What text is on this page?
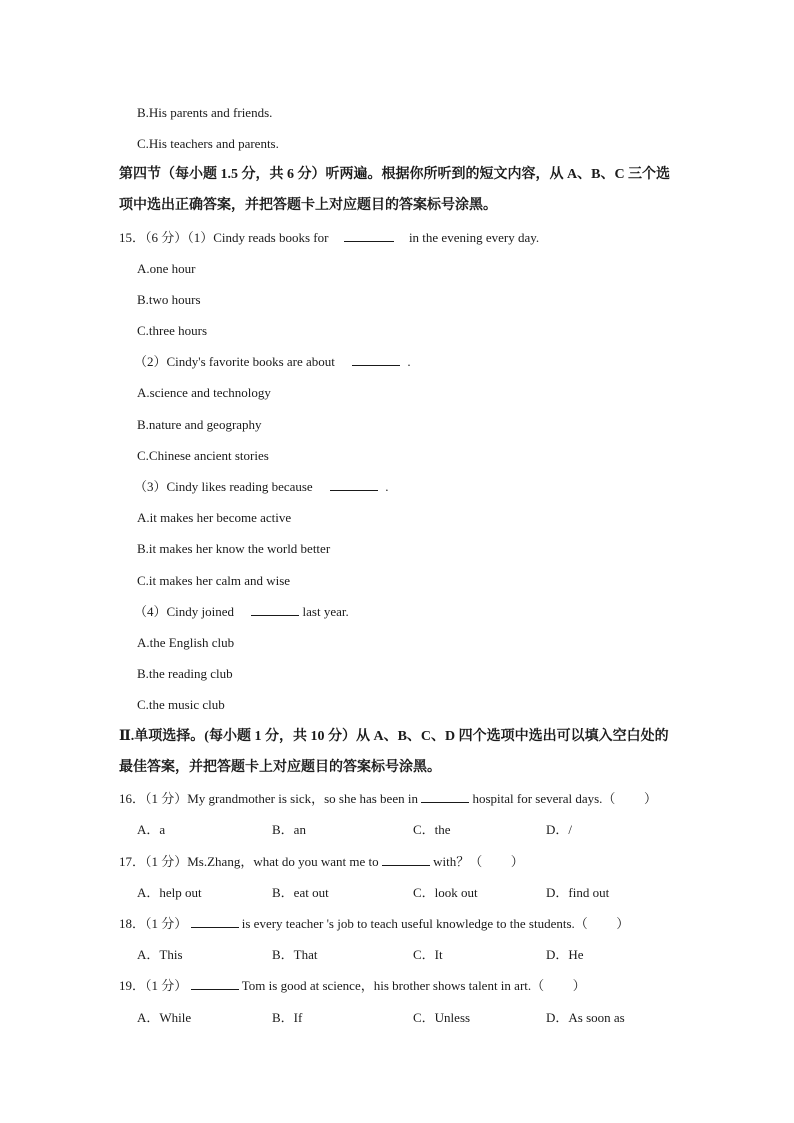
B.His parents and friends.
C.His teachers and parents.
第四节（每小题 1.5 分，共 6 分）听两遍。根据你所听到的短文内容，从 A、B、C 三个选
项中选出正确答案，并把答题卡上对应题目的答案标号涂黑。
15．（6 分）（1）Cindy reads books for	in the evening every day.
A.one hour
B.two hours
C.three hours
（2）Cindy's favorite books are about	.
A.science and technology
B.nature and geography
C.Chinese ancient stories
（3）Cindy likes reading because	.
A.it makes her become active
B.it makes her know the world better
C.it makes her calm and wise
（4）Cindy joined	last year.
A.the English club
B.the reading club
C.the music club
Ⅱ.单项选择。(每小题 1 分，共 10 分）从 A、B、C、D 四个选项中选出可以填入空白处的
最佳答案，并把答题卡上对应题目的答案标号涂黑。
16．（1 分）My grandmother is sick，so she has been in	hospital for several days.（ ）
A．a	B．an	C．the	D．/
17．（1 分）Ms.Zhang，what do you want me to	with？（ ）
A．help out	B．eat out	C．look out	D．find out
18．（1 分）	is every teacher 's job to teach useful knowledge to the students.（ ）
A．This	B．That	C．It	D．He
19．（1 分）	Tom is good at science，his brother shows talent in art.（ ）
A．While	B．If	C．Unless	D．As soon as
